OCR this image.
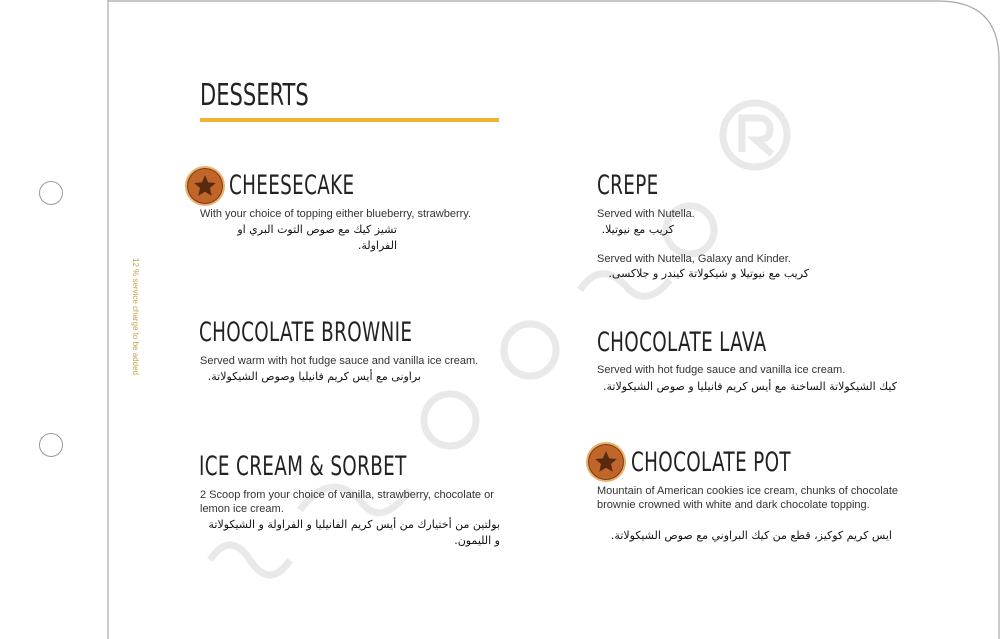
12 % service charge to be added
DESSERTS
CHEESECAKE
With your choice of topping either blueberry, strawberry.
تشيز كيك مع صوص التوت البري او الفراولة.
CHOCOLATE BROWNIE
Served warm with hot fudge sauce and vanilla ice cream.
براونى مع أيس كريم فانيليا وصوص الشيكولاتة.
ICE CREAM & SORBET
2 Scoop from your choice of vanilla, strawberry, chocolate or lemon ice cream.
بولتين من أختيارك من أيس كريم الفانيليا و الفراولة و الشيكولاتة و الليمون.
CREPE
Served with Nutella.
كريب مع نيوتيلا.
Served with Nutella, Galaxy and Kinder.
كريب مع نيوتيلا و شيكولاتة كيندر و جلاكسى.
CHOCOLATE LAVA
Served with hot fudge sauce and vanilla ice cream.
كيك الشيكولاتة الساخنة مع أيس كريم فانيليا و صوص الشيكولاتة.
CHOCOLATE POT
Mountain of American cookies ice cream, chunks of chocolate brownie crowned with white and dark chocolate topping.
ايس كريم كوكيز، قطع من كيك البراوني مع صوص الشيكولاتة.
